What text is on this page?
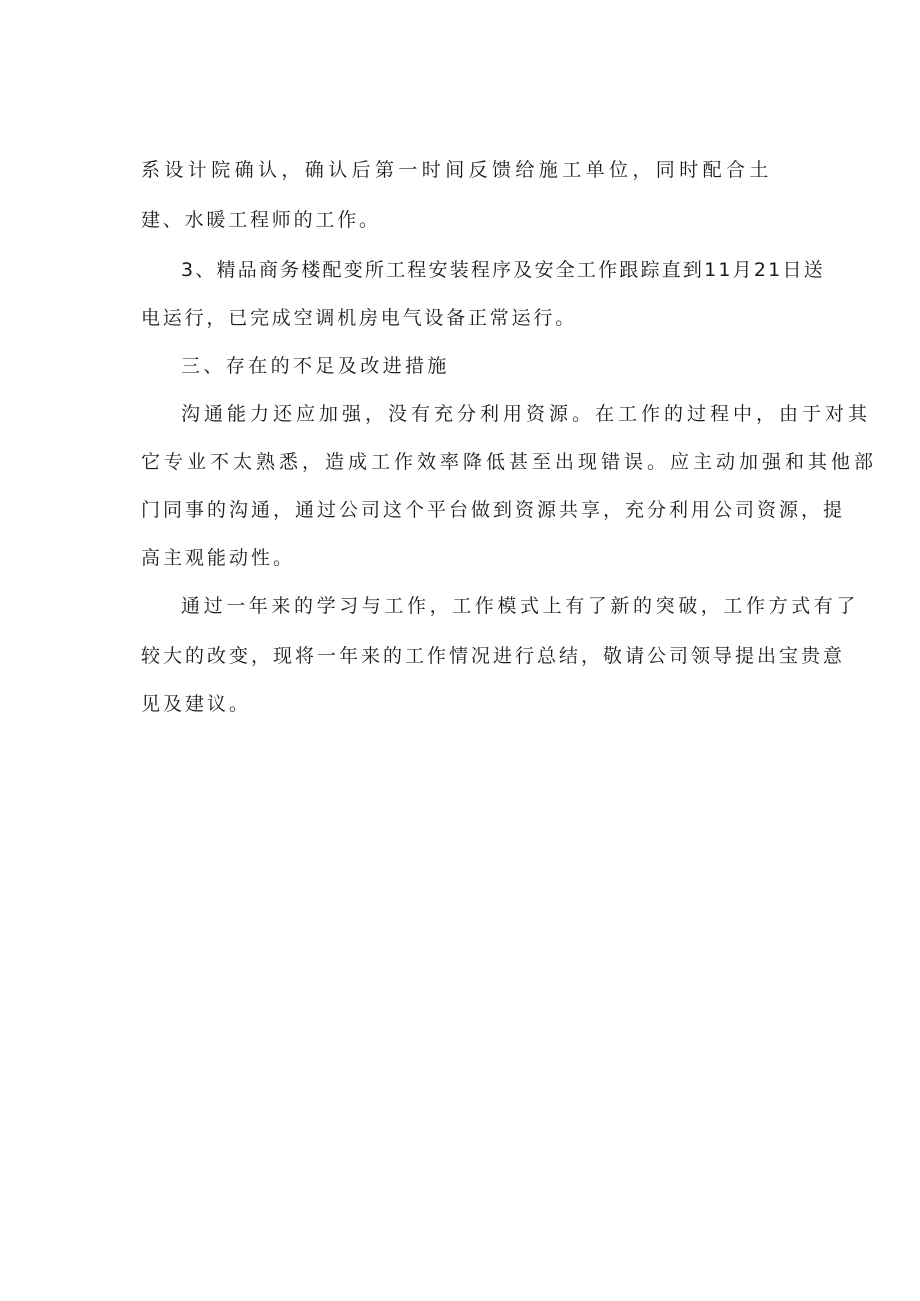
系设计院确认，确认后第一时间反馈给施工单位，同时配合土
建、水暖工程师的工作。
3、精品商务楼配变所工程安装程序及安全工作跟踪直到11月21日送
电运行，已完成空调机房电气设备正常运行。
三、存在的不足及改进措施
沟通能力还应加强，没有充分利用资源。在工作的过程中，由于对其
它专业不太熟悉，造成工作效率降低甚至出现错误。应主动加强和其他部
门同事的沟通，通过公司这个平台做到资源共享，充分利用公司资源，提
高主观能动性。
通过一年来的学习与工作，工作模式上有了新的突破，工作方式有了
较大的改变，现将一年来的工作情况进行总结，敬请公司领导提出宝贵意
见及建议。
